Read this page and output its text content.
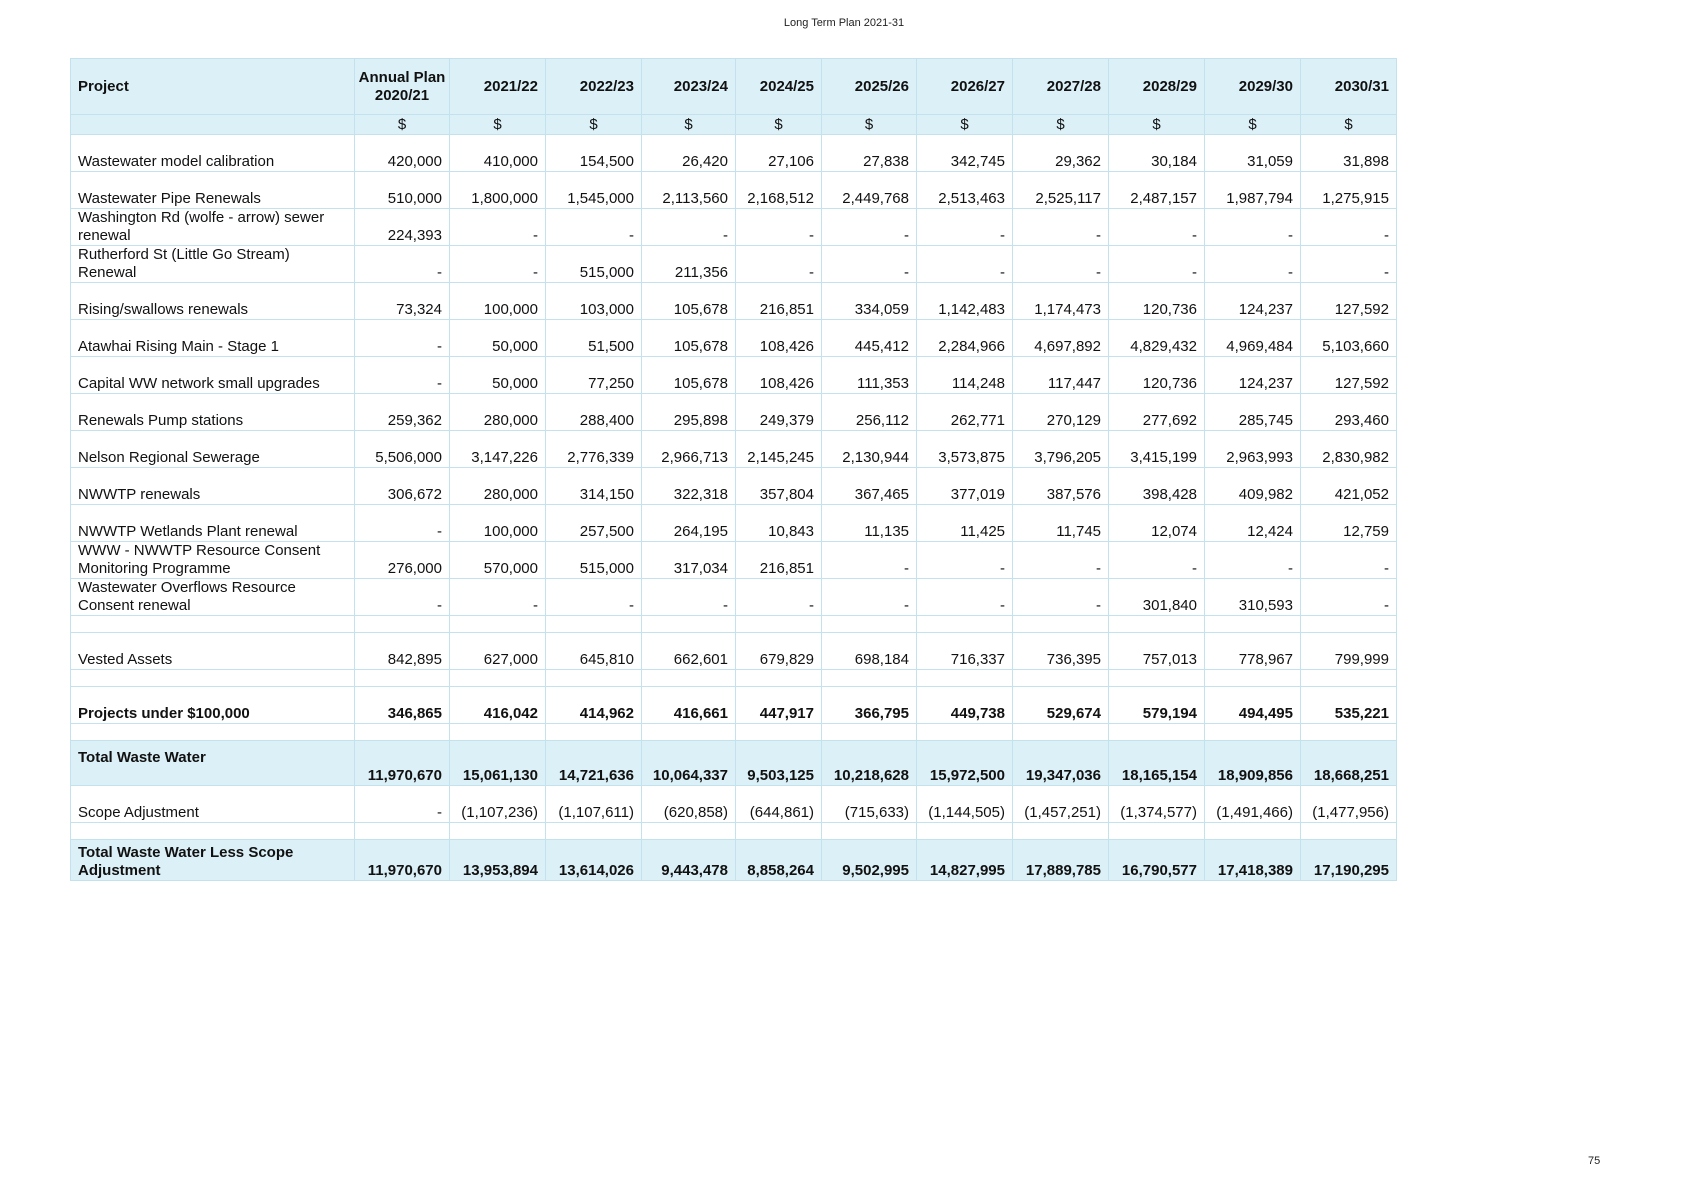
Long Term Plan 2021-31
Project	Annual Plan 2020/21	2021/22	2022/23	2023/24	2024/25	2025/26	2026/27	2027/28	2028/29	2029/30	2030/31
	$	$	$	$	$	$	$	$	$	$	$
Wastewater model calibration	420,000	410,000	154,500	26,420	27,106	27,838	342,745	29,362	30,184	31,059	31,898
Wastewater Pipe Renewals	510,000	1,800,000	1,545,000	2,113,560	2,168,512	2,449,768	2,513,463	2,525,117	2,487,157	1,987,794	1,275,915
Washington Rd (wolfe - arrow) sewer renewal	224,393	-	-	-	-	-	-	-	-	-	-
Rutherford St (Little Go Stream) Renewal	-	-	515,000	211,356	-	-	-	-	-	-	-
Rising/swallows renewals	73,324	100,000	103,000	105,678	216,851	334,059	1,142,483	1,174,473	120,736	124,237	127,592
Atawhai Rising Main - Stage 1	-	50,000	51,500	105,678	108,426	445,412	2,284,966	4,697,892	4,829,432	4,969,484	5,103,660
Capital WW network small upgrades	-	50,000	77,250	105,678	108,426	111,353	114,248	117,447	120,736	124,237	127,592
Renewals Pump stations	259,362	280,000	288,400	295,898	249,379	256,112	262,771	270,129	277,692	285,745	293,460
Nelson Regional Sewerage	5,506,000	3,147,226	2,776,339	2,966,713	2,145,245	2,130,944	3,573,875	3,796,205	3,415,199	2,963,993	2,830,982
NWWTP renewals	306,672	280,000	314,150	322,318	357,804	367,465	377,019	387,576	398,428	409,982	421,052
NWWTP Wetlands Plant renewal	-	100,000	257,500	264,195	10,843	11,135	11,425	11,745	12,074	12,424	12,759
WWW - NWWTP Resource Consent Monitoring Programme	276,000	570,000	515,000	317,034	216,851	-	-	-	-	-	-
Wastewater Overflows Resource Consent renewal	-	-	-	-	-	-	-	-	301,840	310,593	-

Vested Assets	842,895	627,000	645,810	662,601	679,829	698,184	716,337	736,395	757,013	778,967	799,999

Projects under $100,000	346,865	416,042	414,962	416,661	447,917	366,795	449,738	529,674	579,194	494,495	535,221

Total Waste Water	11,970,670	15,061,130	14,721,636	10,064,337	9,503,125	10,218,628	15,972,500	19,347,036	18,165,154	18,909,856	18,668,251
Scope Adjustment	-	(1,107,236)	(1,107,611)	(620,858)	(644,861)	(715,633)	(1,144,505)	(1,457,251)	(1,374,577)	(1,491,466)	(1,477,956)

Total Waste Water Less Scope Adjustment	11,970,670	13,953,894	13,614,026	9,443,478	8,858,264	9,502,995	14,827,995	17,889,785	16,790,577	17,418,389	17,190,295
75
